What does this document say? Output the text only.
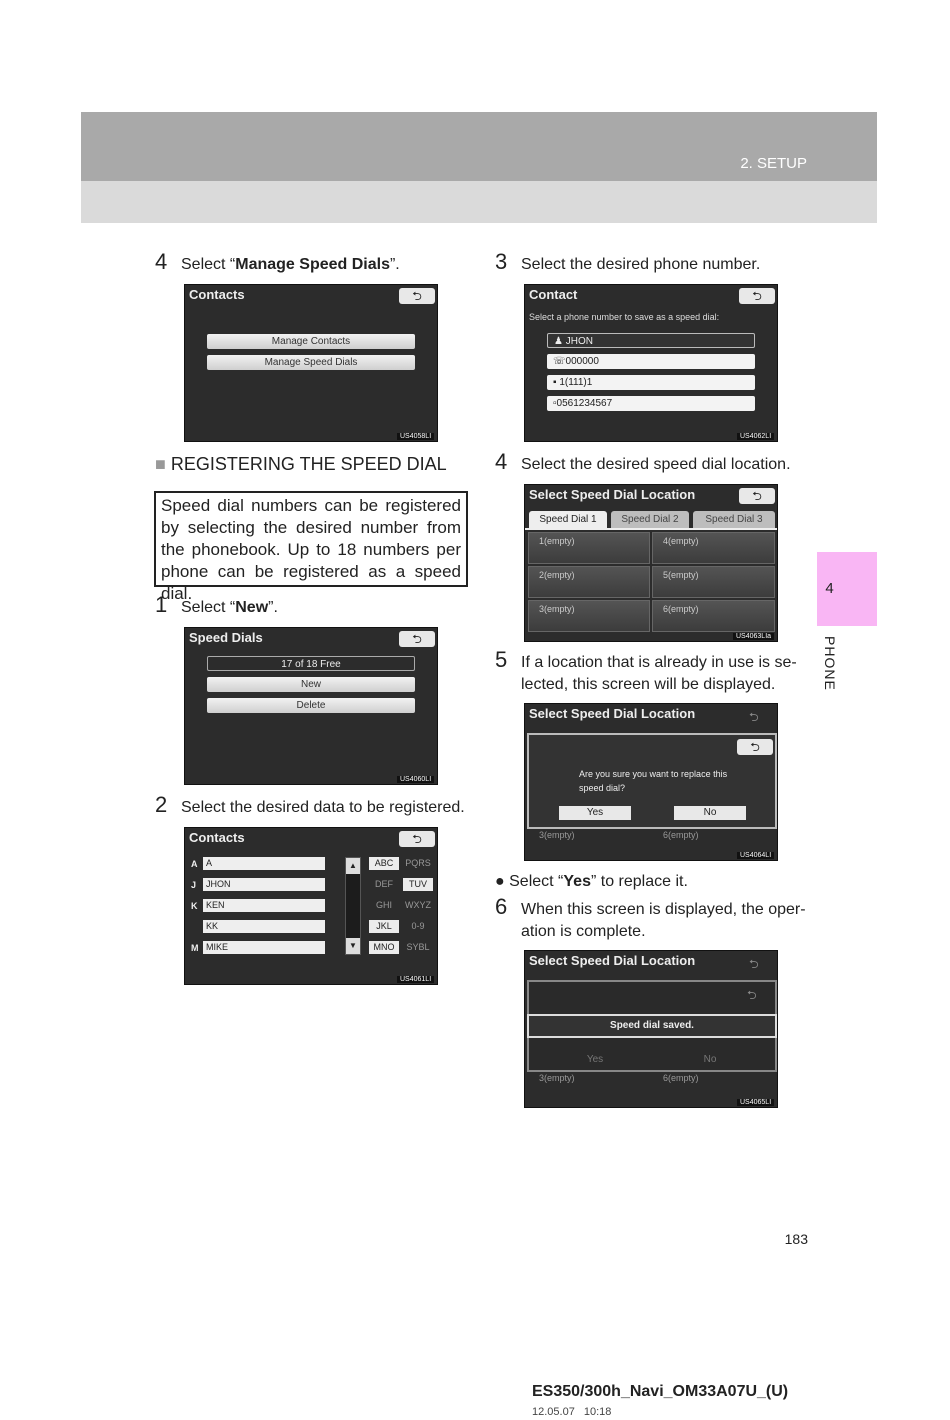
2. SETUP
4
PHONE
4 Select “Manage Speed Dials”.
Contacts	⮌
Manage Contacts
Manage Speed Dials
US4058LI
■ REGISTERING THE SPEED DIAL
Speed dial numbers can be registered by selecting the desired number from the phonebook. Up to 18 numbers per phone can be registered as a speed dial.
1 Select “New”.
Speed Dials	⮌
17 of 18 Free
New
Delete
US4060LI
2 Select the desired data to be registered.
Contacts	⮌
A A
J	JHON
K KEN
KK
M MIKE
▲
▼
ABC	PQRS
DEF	TUV
GHI	WXYZ
JKL	0-9
MNO	SYBL
US4061LI
3 Select the desired phone number.
Contact	⮌
Select a phone number to save as a speed dial:
♟ JHON
☏000000
▪ 1(111)1
▫0561234567
US4062LI
4 Select the desired speed dial location.
Select Speed Dial Location	⮌
Speed Dial 1	Speed Dial 2	Speed Dial 3
1(empty)	4(empty)
2(empty)	5(empty)
3(empty)	6(empty)
US4063LIa
5 If a location that is already in use is se-lected, this screen will be displayed.
Select Speed Dial Location	⮌
⮌
Are you sure you want to replace this speed dial?
Yes	No
3(empty)	6(empty)
US4064LI
● Select “Yes” to replace it.
6 When this screen is displayed, the oper-ation is complete.
Select Speed Dial Location	⮌
⮌
Yes	No
Speed dial saved.
3(empty)	6(empty)
US4065LI
183
ES350/300h_Navi_OM33A07U_(U)
12.05.07 10:18
